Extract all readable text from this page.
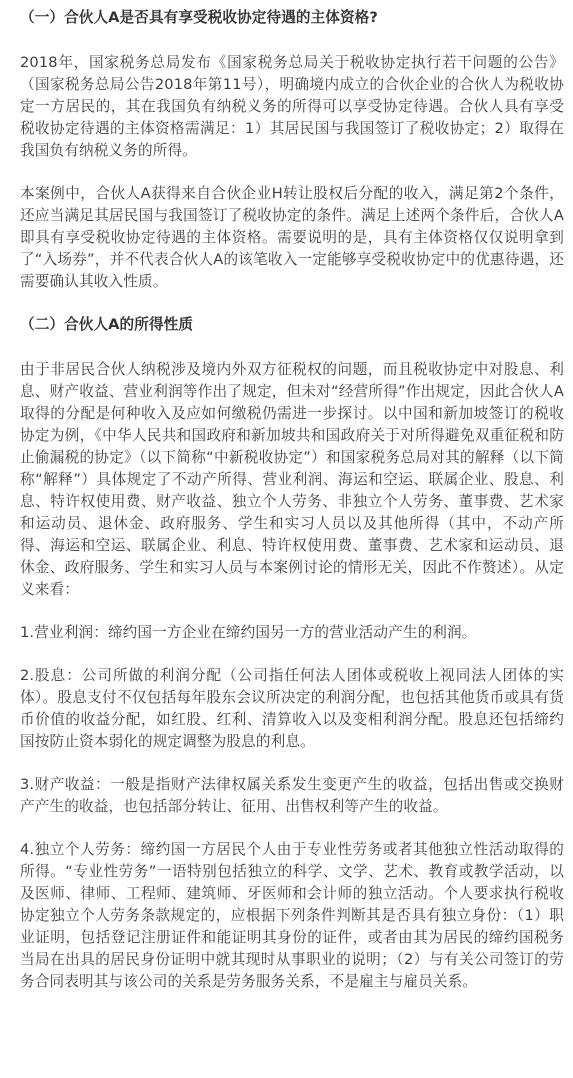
（一）合伙人A是否具有享受税收协定待遇的主体资格?

2018年，国家税务总局发布《国家税务总局关于税收协定执行若干问题的公告》（国家税务总局公告2018年第11号），明确境内成立的合伙企业的合伙人为税收协定一方居民的，其在我国负有纳税义务的所得可以享受协定待遇。合伙人具有享受税收协定待遇的主体资格需满足：1）其居民国与我国签订了税收协定；2）取得在我国负有纳税义务的所得。

本案例中，合伙人A获得来自合伙企业H转让股权后分配的收入，满足第2个条件，还应当满足其居民国与我国签订了税收协定的条件。满足上述两个条件后，合伙人A即具有享受税收协定待遇的主体资格。需要说明的是，具有主体资格仅仅说明拿到了“入场券”，并不代表合伙人A的该笔收入一定能够享受税收协定中的优惠待遇，还需要确认其收入性质。

（二）合伙人A的所得性质

由于非居民合伙人纳税涉及境内外双方征税权的问题，而且税收协定中对股息、利息、财产收益、营业利润等作出了规定，但未对“经营所得”作出规定，因此合伙人A取得的分配是何种收入及应如何缴税仍需进一步探讨。以中国和新加坡签订的税收协定为例，《中华人民共和国政府和新加坡共和国政府关于对所得避免双重征税和防止偷漏税的协定》（以下简称“中新税收协定”）和国家税务总局对其的解释（以下简称“解释”）具体规定了不动产所得、营业利润、海运和空运、联属企业、股息、利息、特许权使用费、财产收益、独立个人劳务、非独立个人劳务、董事费、艺术家和运动员、退休金、政府服务、学生和实习人员以及其他所得（其中，不动产所得、海运和空运、联属企业、利息、特许权使用费、董事费、艺术家和运动员、退休金、政府服务、学生和实习人员与本案例讨论的情形无关，因此不作赘述）。从定义来看：

1.营业利润：缔约国一方企业在缔约国另一方的营业活动产生的利润。

2.股息：公司所做的利润分配（公司指任何法人团体或税收上视同法人团体的实体）。股息支付不仅包括每年股东会议所决定的利润分配，也包括其他货币或具有货币价值的收益分配，如红股、红利、清算收入以及变相利润分配。股息还包括缔约国按防止资本弱化的规定调整为股息的利息。

3.财产收益：一般是指财产法律权属关系发生变更产生的收益，包括出售或交换财产产生的收益，也包括部分转让、征用、出售权利等产生的收益。

4.独立个人劳务：缔约国一方居民个人由于专业性劳务或者其他独立性活动取得的所得。“专业性劳务”一语特别包括独立的科学、文学、艺术、教育或教学活动，以及医师、律师、工程师、建筑师、牙医师和会计师的独立活动。个人要求执行税收协定独立个人劳务条款规定的，应根据下列条件判断其是否具有独立身份：（1）职业证明，包括登记注册证件和能证明其身份的证件，或者由其为居民的缔约国税务当局在出具的居民身份证明中就其现时从事职业的说明；（2）与有关公司签订的劳务合同表明其与该公司的关系是劳务服务关系，不是雇主与雇员关系。
